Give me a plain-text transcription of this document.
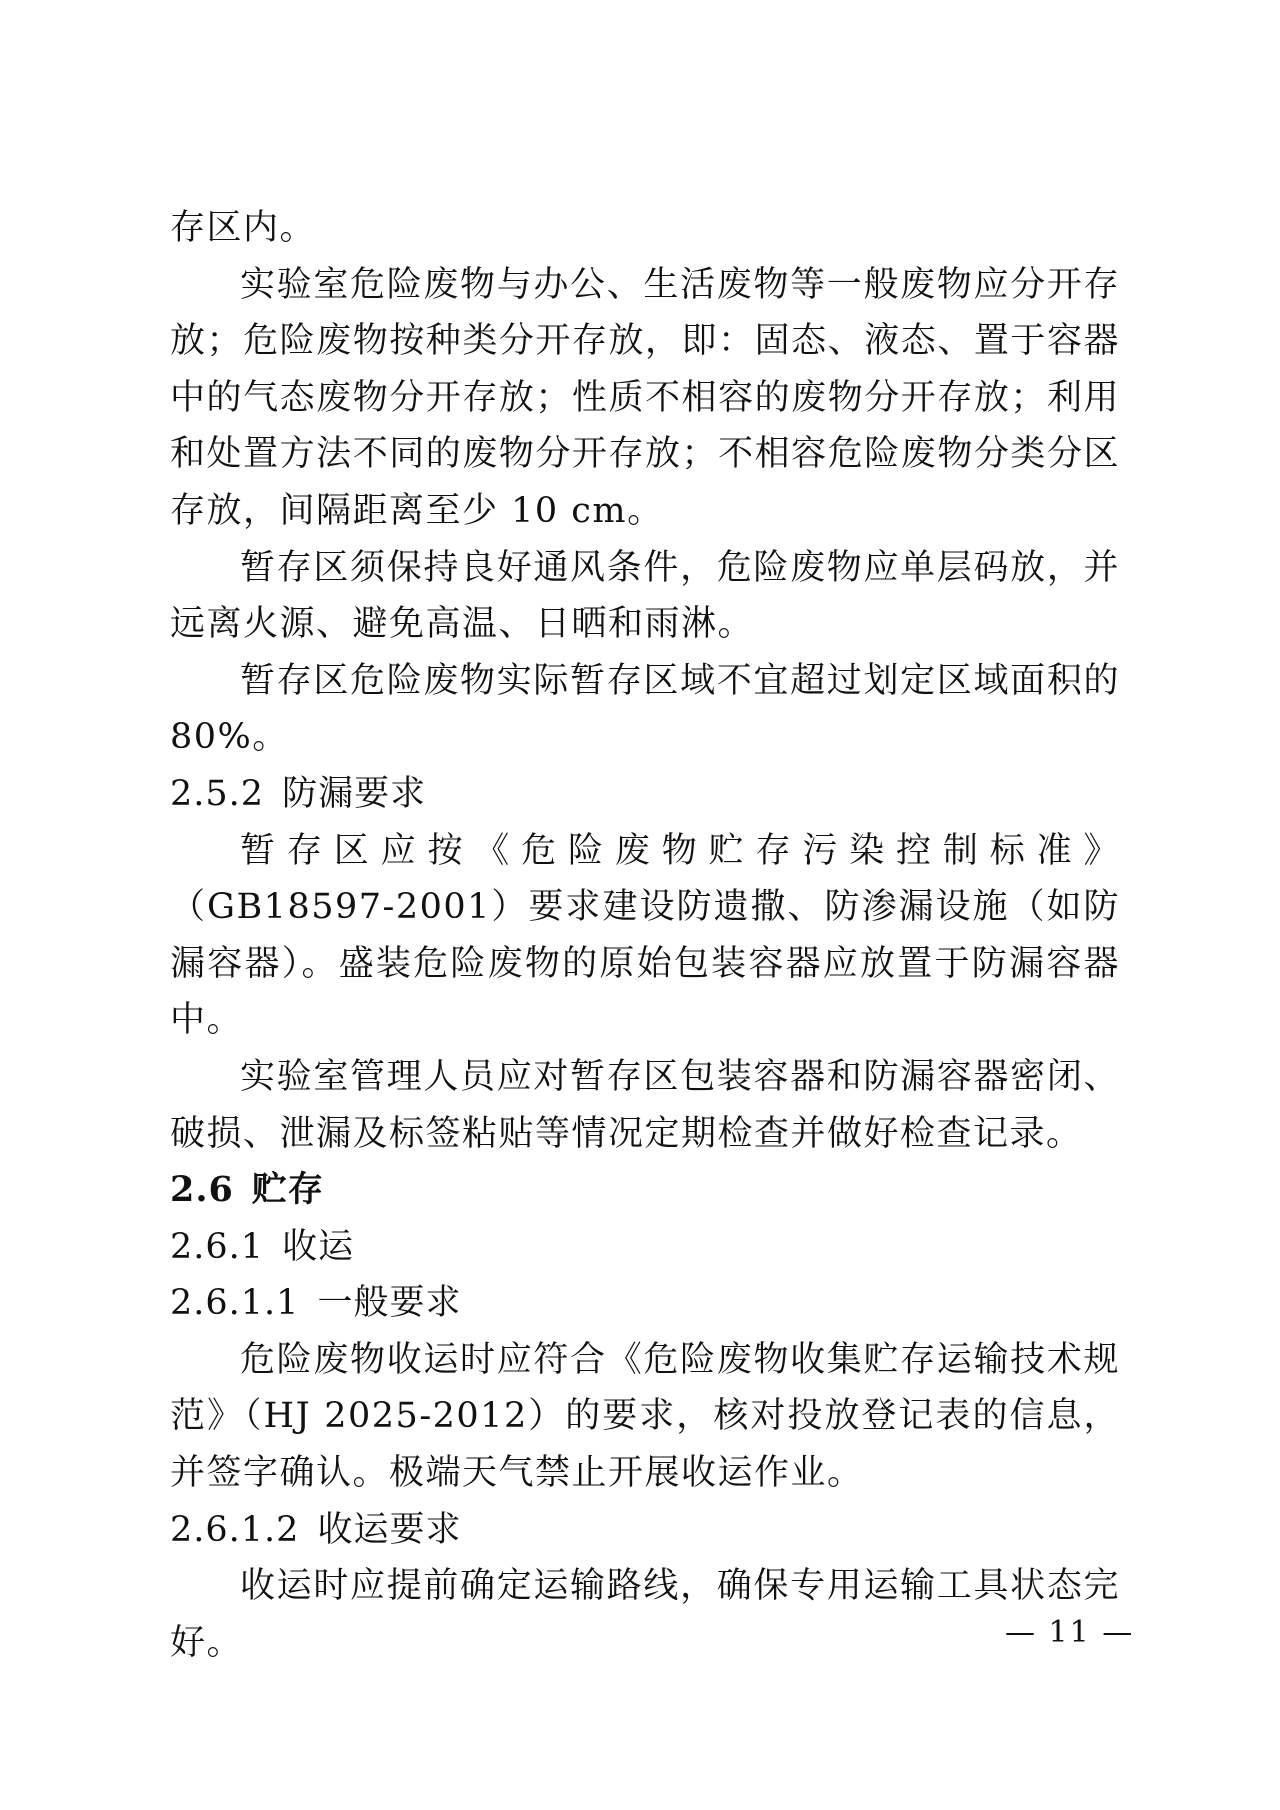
存区内。

实验室危险废物与办公、生活废物等一般废物应分开存放；危险废物按种类分开存放，即：固态、液态、置于容器中的气态废物分开存放；性质不相容的废物分开存放；利用和处置方法不同的废物分开存放；不相容危险废物分类分区存放，间隔距离至少 10 cm。

暂存区须保持良好通风条件，危险废物应单层码放，并远离火源、避免高温、日晒和雨淋。

暂存区危险废物实际暂存区域不宜超过划定区域面积的80%。

2.5.2 防漏要求

暂存区应按《危险废物贮存污染控制标准》（GB18597-2001）要求建设防遗撒、防渗漏设施（如防漏容器）。盛装危险废物的原始包装容器应放置于防漏容器中。

实验室管理人员应对暂存区包装容器和防漏容器密闭、破损、泄漏及标签粘贴等情况定期检查并做好检查记录。

2.6 贮存
2.6.1 收运
2.6.1.1 一般要求

危险废物收运时应符合《危险废物收集贮存运输技术规范》（HJ 2025-2012）的要求，核对投放登记表的信息，并签字确认。极端天气禁止开展收运作业。

2.6.1.2 收运要求

收运时应提前确定运输路线，确保专用运输工具状态完好。	— 11 —
